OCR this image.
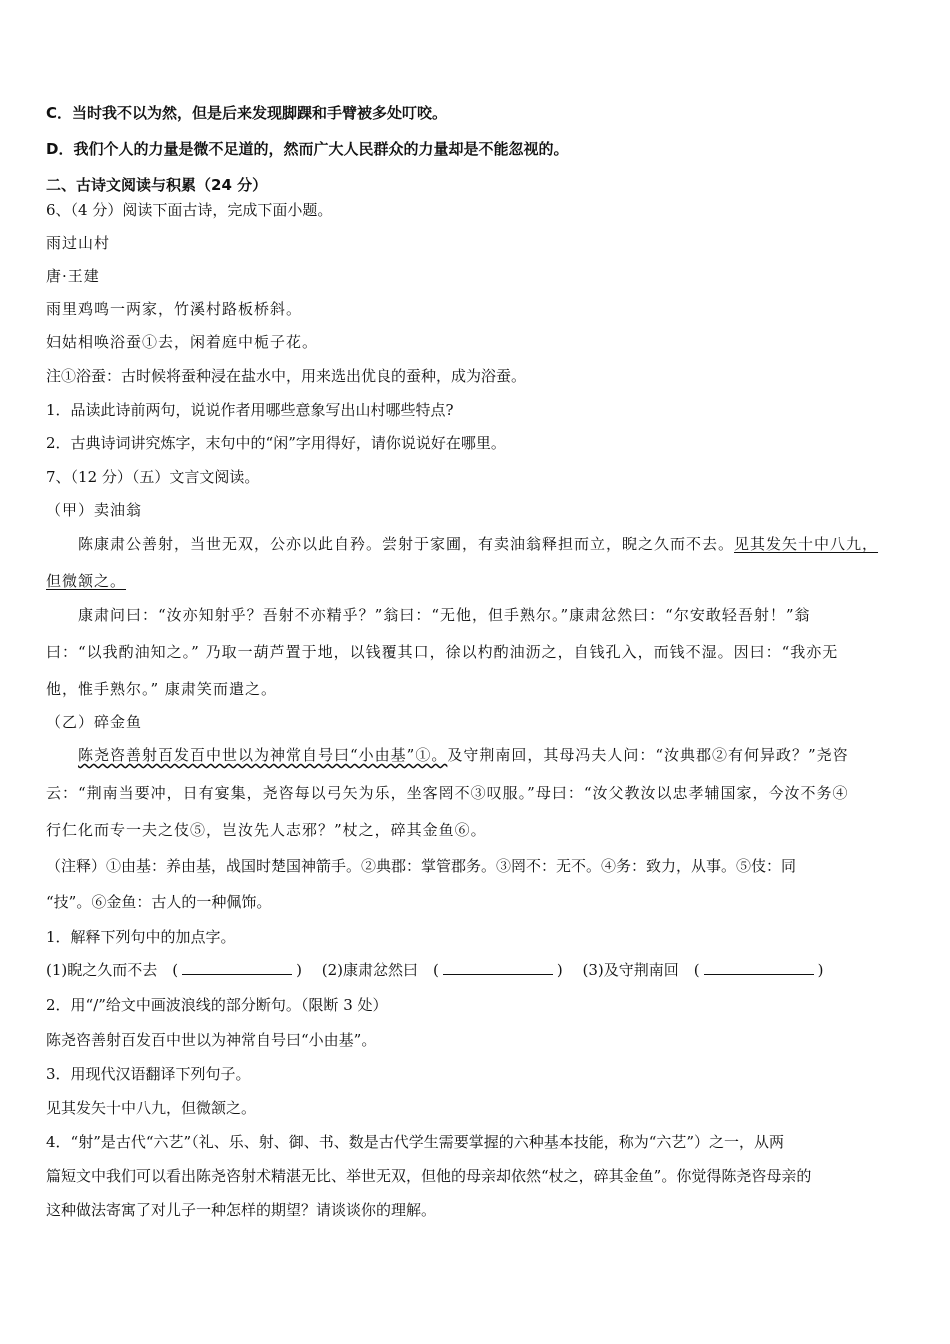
C．当时我不以为然，但是后来发现脚踝和手臂被多处叮咬。
D．我们个人的力量是微不足道的，然而广大人民群众的力量却是不能忽视的。
二、古诗文阅读与积累（24 分）
6、（4 分）阅读下面古诗，完成下面小题。
雨过山村
唐·王建
雨里鸡鸣一两家，竹溪村路板桥斜。
妇姑相唤浴蚕①去，闲着庭中栀子花。
注①浴蚕：古时候将蚕种浸在盐水中，用来选出优良的蚕种，成为浴蚕。
1．品读此诗前两句，说说作者用哪些意象写出山村哪些特点?
2．古典诗词讲究炼字，末句中的“闲”字用得好，请你说说好在哪里。
7、（12 分）（五）文言文阅读。
（甲）卖油翁
陈康肃公善射，当世无双，公亦以此自矜。尝射于家圃，有卖油翁释担而立，睨之久而不去。见其发矢十中八九，
但微颔之。
康肃问曰：“汝亦知射乎？吾射不亦精乎？”翁曰：“无他，但手熟尔。”康肃忿然曰：“尔安敢轻吾射！”翁
曰：“以我酌油知之。” 乃取一葫芦置于地，以钱覆其口，徐以杓酌油沥之，自钱孔入，而钱不湿。因曰：“我亦无
他，惟手熟尔。” 康肃笑而遣之。
（乙）碎金鱼
陈尧咨善射百发百中世以为神常自号曰“小由基”①。及守荆南回，其母冯夫人问：“汝典郡②有何异政？”尧咨
云：“荆南当要冲，日有宴集，尧咨每以弓矢为乐，坐客罔不③叹服。”母曰：“汝父教汝以忠孝辅国家，今汝不务④
行仁化而专一夫之伎⑤，岂汝先人志邪？”杖之，碎其金鱼⑥。
（注释）①由基：养由基，战国时楚国神箭手。②典郡：掌管郡务。③罔不：无不。④务：致力，从事。⑤伎：同
“技”。⑥金鱼：古人的一种佩饰。
1．解释下列句中的加点字。
(1)睨之久而不去　(	)　 (2)康肃忿然曰　(	)　 (3)及守荆南回　(	)
2．用“/”给文中画波浪线的部分断句。（限断 3 处）
陈尧咨善射百发百中世以为神常自号曰“小由基”。
3．用现代汉语翻译下列句子。
见其发矢十中八九，但微颔之。
4．“射”是古代“六艺”（礼、乐、射、御、书、数是古代学生需要掌握的六种基本技能，称为“六艺”）之一，从两
篇短文中我们可以看出陈尧咨射术精湛无比、举世无双，但他的母亲却依然“杖之，碎其金鱼”。你觉得陈尧咨母亲的
这种做法寄寓了对儿子一种怎样的期望？请谈谈你的理解。
